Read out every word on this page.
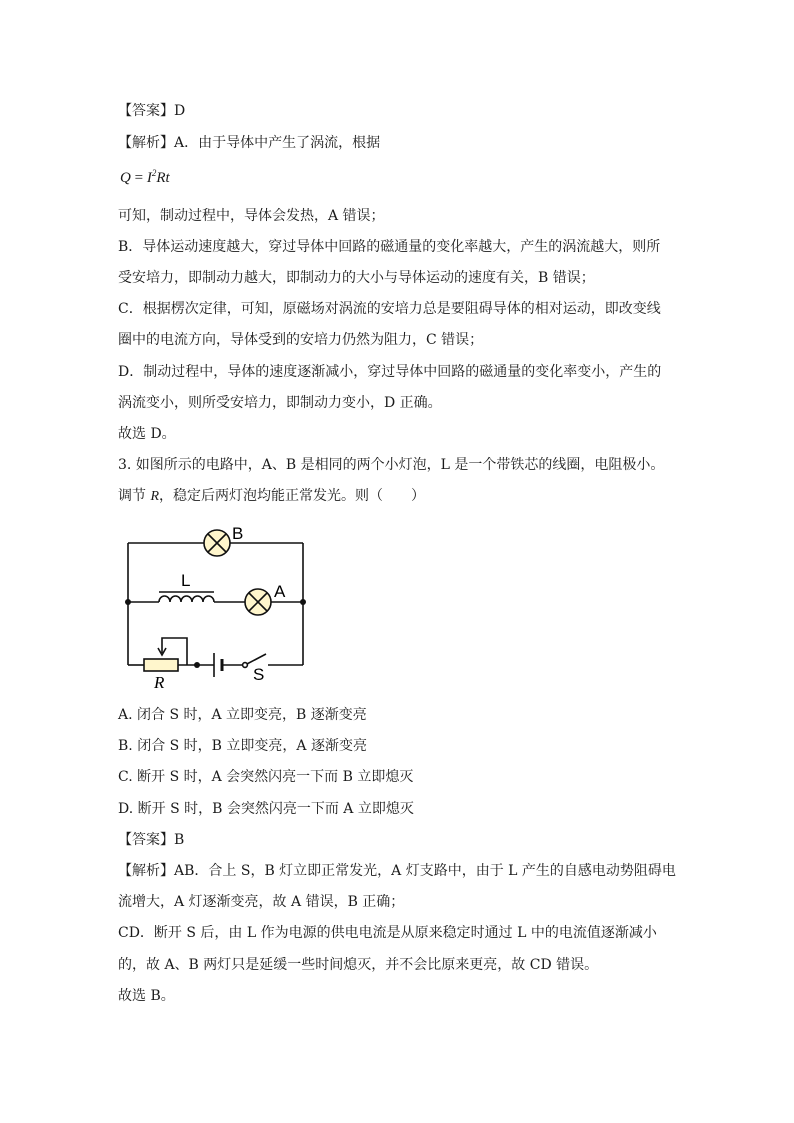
【答案】D
【解析】A．由于导体中产生了涡流，根据
$Q = I^2Rt$
可知，制动过程中，导体会发热，A 错误；
B．导体运动速度越大，穿过导体中回路的磁通量的变化率越大，产生的涡流越大，则所
受安培力，即制动力越大，即制动力的大小与导体运动的速度有关，B 错误；
C．根据楞次定律，可知，原磁场对涡流的安培力总是要阻碍导体的相对运动，即改变线
圈中的电流方向，导体受到的安培力仍然为阻力，C 错误；
D．制动过程中，导体的速度逐渐减小，穿过导体中回路的磁通量的变化率变小，产生的
涡流变小，则所受安培力，即制动力变小，D 正确。
故选 D。
3. 如图所示的电路中，A、B 是相同的两个小灯泡，L 是一个带铁芯的线圈，电阻极小。
调节 R，稳定后两灯泡均能正常发光。则（　　）
B
L
A
R	S
A. 闭合 S 时，A 立即变亮，B 逐渐变亮
B. 闭合 S 时，B 立即变亮，A 逐渐变亮
C. 断开 S 时，A 会突然闪亮一下而 B 立即熄灭
D. 断开 S 时，B 会突然闪亮一下而 A 立即熄灭
【答案】B
【解析】AB．合上 S，B 灯立即正常发光，A 灯支路中，由于 L 产生的自感电动势阻碍电
流增大，A 灯逐渐变亮，故 A 错误，B 正确；
CD．断开 S 后，由 L 作为电源的供电电流是从原来稳定时通过 L 中的电流值逐渐减小
的，故 A、B 两灯只是延缓一些时间熄灭，并不会比原来更亮，故 CD 错误。
故选 B。
